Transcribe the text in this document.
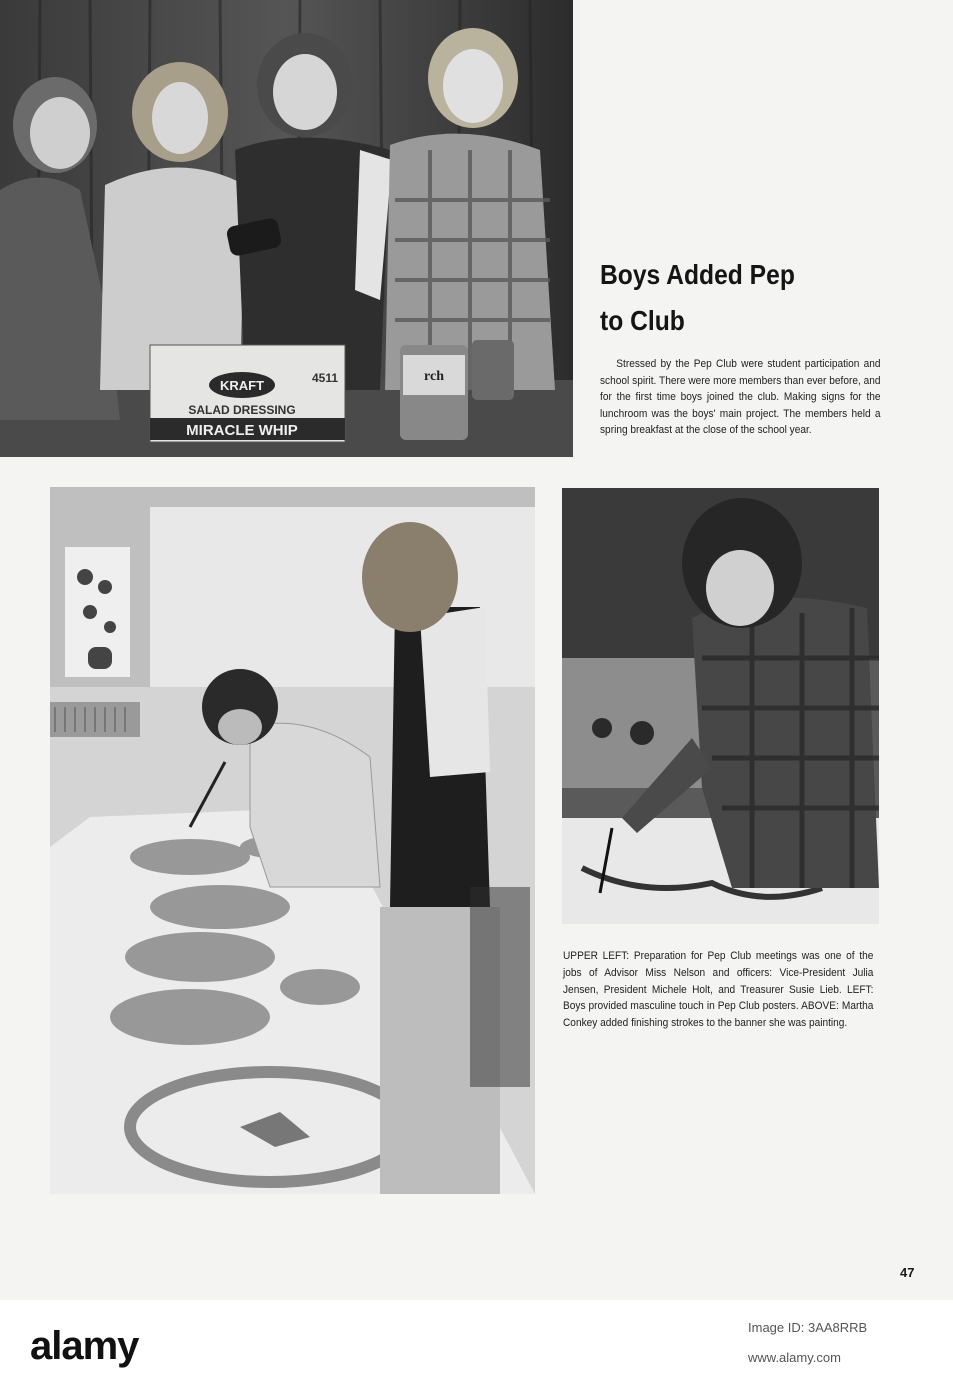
KRAFT
SALAD DRESSING
MIRACLE WHIP
4511	rch
Boys Added Pep
to Club

Stressed by the Pep Club were student participation and school spirit. There were more members than ever before, and for the first time boys joined the club. Making signs for the lunchroom was the boys' main project. The members held a spring breakfast at the close of the school year.

UPPER LEFT: Preparation for Pep Club meetings was one of the jobs of Advisor Miss Nelson and officers: Vice-President Julia Jensen, President Michele Holt, and Treasurer Susie Lieb. LEFT: Boys provided masculine touch in Pep Club posters. ABOVE: Martha Conkey added finishing strokes to the banner she was painting.

47
alamy	Image ID: 3AA8RRB
www.alamy.com
